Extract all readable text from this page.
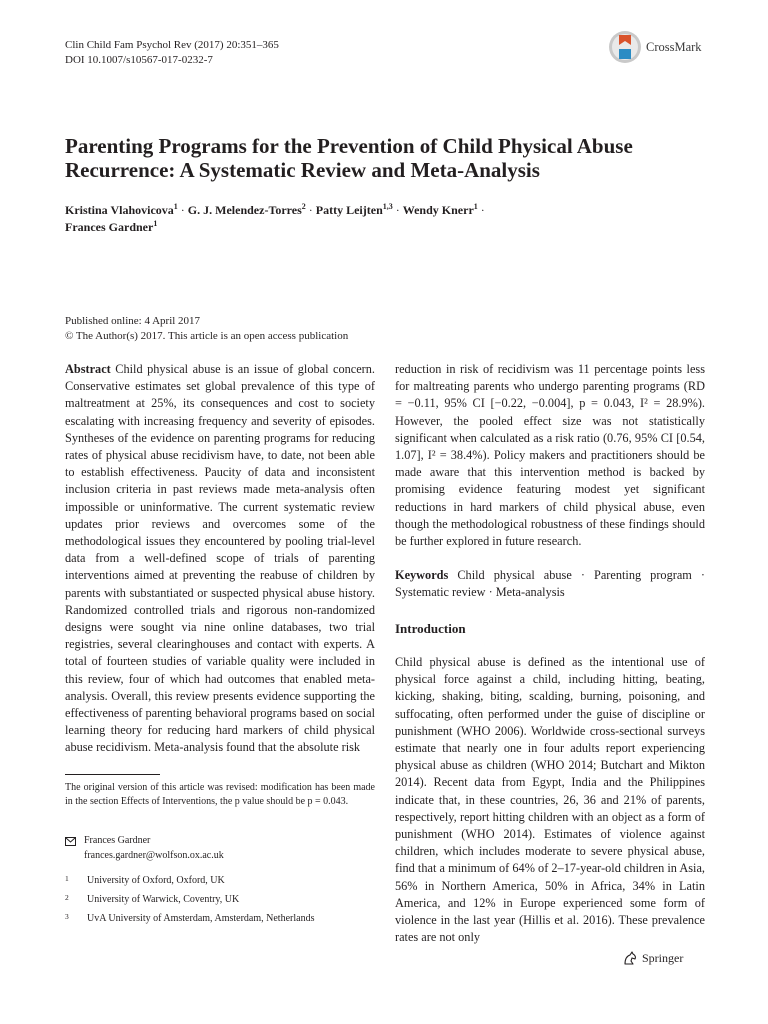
Clin Child Fam Psychol Rev (2017) 20:351–365
DOI 10.1007/s10567-017-0232-7
CrossMark
Parenting Programs for the Prevention of Child Physical Abuse Recurrence: A Systematic Review and Meta-Analysis
Kristina Vlahovicova$^1$ · G. J. Melendez-Torres$^2$ · Patty Leijten$^{1,3}$ · Wendy Knerr$^1$ ·
Frances Gardner$^1$
Published online: 4 April 2017
© The Author(s) 2017. This article is an open access publication

Abstract Child physical abuse is an issue of global concern. Conservative estimates set global prevalence of this type of maltreatment at 25%, its consequences and cost to society escalating with increasing frequency and severity of episodes. Syntheses of the evidence on parenting programs for reducing rates of physical abuse recidivism have, to date, not been able to establish effectiveness. Paucity of data and inconsistent inclusion criteria in past reviews made meta-analysis often impossible or uninformative. The current systematic review updates prior reviews and overcomes some of the methodological issues they encountered by pooling trial-level data from a well-defined scope of trials of parenting interventions aimed at preventing the reabuse of children by parents with substantiated or suspected physical abuse history. Randomized controlled trials and rigorous non-randomized designs were sought via nine online databases, two trial registries, several clearinghouses and contact with experts. A total of fourteen studies of variable quality were included in this review, four of which had outcomes that enabled meta-analysis. Overall, this review presents evidence supporting the effectiveness of parenting behavioral programs based on social learning theory for reducing hard markers of child physical abuse recidivism. Meta-analysis found that the absolute risk

reduction in risk of recidivism was 11 percentage points less for maltreating parents who undergo parenting programs (RD = −0.11, 95% CI [−0.22, −0.004], p = 0.043, I² = 28.9%). However, the pooled effect size was not statistically significant when calculated as a risk ratio (0.76, 95% CI [0.54, 1.07], I² = 38.4%). Policy makers and practitioners should be made aware that this intervention method is backed by promising evidence featuring modest yet significant reductions in hard markers of child physical abuse, even though the methodological robustness of these findings should be further explored in future research.

Keywords Child physical abuse · Parenting program · Systematic review · Meta-analysis

Introduction

Child physical abuse is defined as the intentional use of physical force against a child, including hitting, beating, kicking, shaking, biting, scalding, burning, poisoning, and suffocating, often performed under the guise of discipline or punishment (WHO 2006). Worldwide cross-sectional surveys estimate that nearly one in four adults report experiencing physical abuse as children (WHO 2014; Butchart and Mikton 2014). Recent data from Egypt, India and the Philippines indicate that, in these countries, 26, 36 and 21% of parents, respectively, report hitting children with an object as a form of punishment (WHO 2014). Estimates of violence against children, which includes moderate to severe physical abuse, find that a minimum of 64% of 2–17-year-old children in Asia, 56% in Northern America, 50% in Africa, 34% in Latin America, and 12% in Europe experienced some form of violence in the last year (Hillis et al. 2016). These prevalence rates are not only

The original version of this article was revised: modification has been made in the section Effects of Interventions, the p value should be p = 0.043.
Frances Gardner
frances.gardner@wolfson.ox.ac.uk
1	University of Oxford, Oxford, UK
2	University of Warwick, Coventry, UK
3	UvA University of Amsterdam, Amsterdam, Netherlands
Springer
